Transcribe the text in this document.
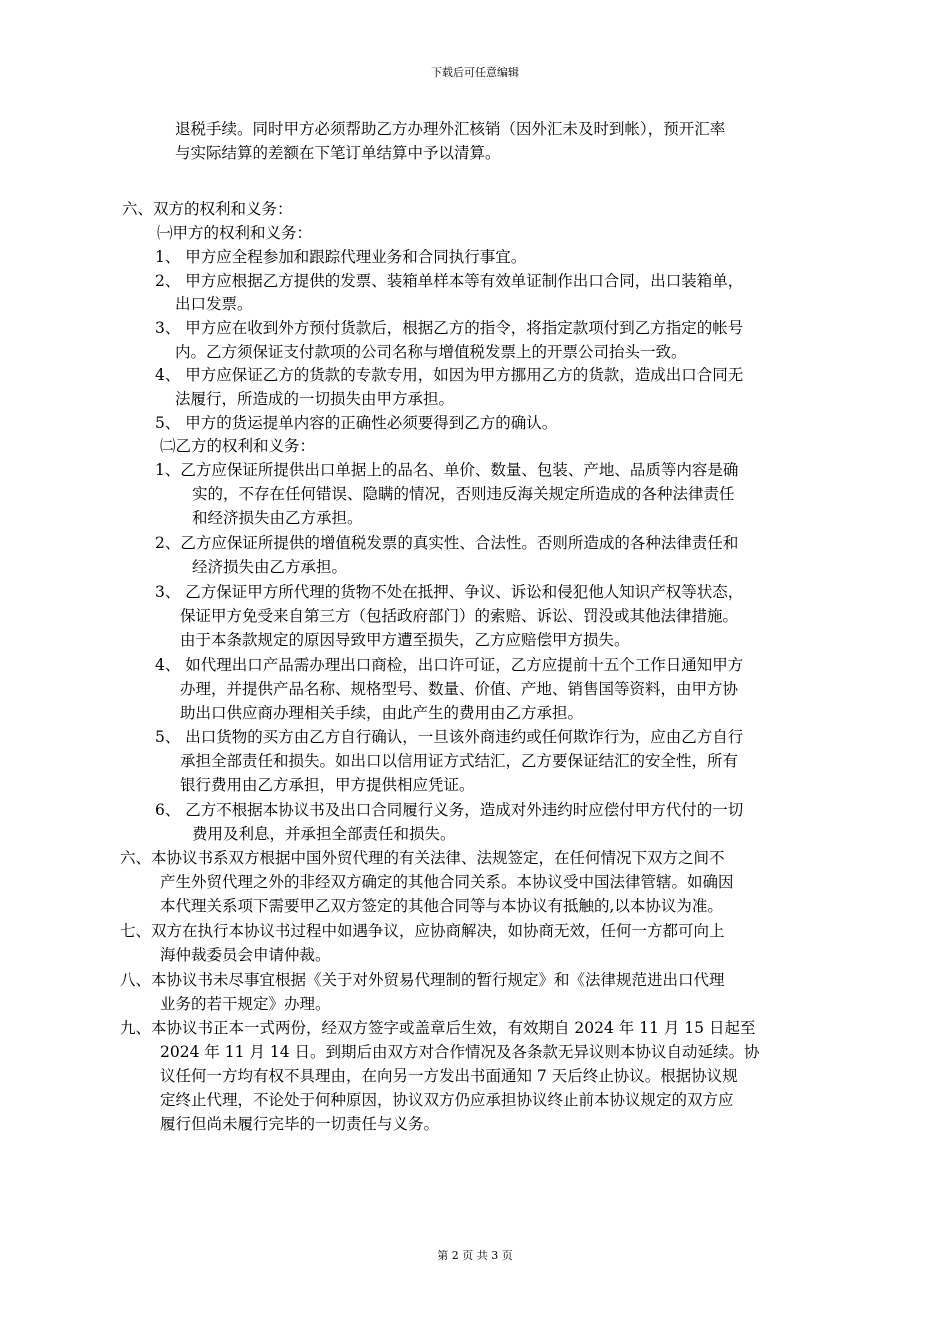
下载后可任意编辑
退税手续。同时甲方必须帮助乙方办理外汇核销（因外汇未及时到帐），预开汇率
与实际结算的差额在下笔订单结算中予以清算。
六、双方的权利和义务：
㈠甲方的权利和义务：
1、 甲方应全程参加和跟踪代理业务和合同执行事宜。
2、 甲方应根据乙方提供的发票、装箱单样本等有效单证制作出口合同，出口装箱单，
出口发票。
3、 甲方应在收到外方预付货款后，根据乙方的指令，将指定款项付到乙方指定的帐号
内。乙方须保证支付款项的公司名称与增值税发票上的开票公司抬头一致。
4、 甲方应保证乙方的货款的专款专用，如因为甲方挪用乙方的货款，造成出口合同无
法履行，所造成的一切损失由甲方承担。
5、 甲方的货运提单内容的正确性必须要得到乙方的确认。
㈡乙方的权利和义务：
1、乙方应保证所提供出口单据上的品名、单价、数量、包装、产地、品质等内容是确
实的，不存在任何错误、隐瞒的情况，否则违反海关规定所造成的各种法律责任
和经济损失由乙方承担。
2、乙方应保证所提供的增值税发票的真实性、合法性。否则所造成的各种法律责任和
经济损失由乙方承担。
3、 乙方保证甲方所代理的货物不处在抵押、争议、诉讼和侵犯他人知识产权等状态，
保证甲方免受来自第三方（包括政府部门）的索赔、诉讼、罚没或其他法律措施。
由于本条款规定的原因导致甲方遭至损失，乙方应赔偿甲方损失。
4、 如代理出口产品需办理出口商检，出口许可证，乙方应提前十五个工作日通知甲方
办理，并提供产品名称、规格型号、数量、价值、产地、销售国等资料，由甲方协
助出口供应商办理相关手续，由此产生的费用由乙方承担。
5、 出口货物的买方由乙方自行确认，一旦该外商违约或任何欺诈行为，应由乙方自行
承担全部责任和损失。如出口以信用证方式结汇，乙方要保证结汇的安全性，所有
银行费用由乙方承担，甲方提供相应凭证。
6、 乙方不根据本协议书及出口合同履行义务，造成对外违约时应偿付甲方代付的一切
费用及利息，并承担全部责任和损失。
六、本协议书系双方根据中国外贸代理的有关法律、法规签定，在任何情况下双方之间不
产生外贸代理之外的非经双方确定的其他合同关系。本协议受中国法律管辖。如确因
本代理关系项下需要甲乙双方签定的其他合同等与本协议有抵触的,以本协议为准。
七、双方在执行本协议书过程中如遇争议，应协商解决，如协商无效，任何一方都可向上
海仲裁委员会申请仲裁。
八、本协议书未尽事宜根据《关于对外贸易代理制的暂行规定》和《法律规范进出口代理
业务的若干规定》办理。
九、本协议书正本一式两份，经双方签字或盖章后生效，有效期自 2024 年 11 月 15 日起至
2024 年 11 月 14 日。到期后由双方对合作情况及各条款无异议则本协议自动延续。协
议任何一方均有权不具理由，在向另一方发出书面通知 7 天后终止协议。根据协议规
定终止代理，不论处于何种原因，协议双方仍应承担协议终止前本协议规定的双方应
履行但尚未履行完毕的一切责任与义务。
第 2 页 共 3 页
